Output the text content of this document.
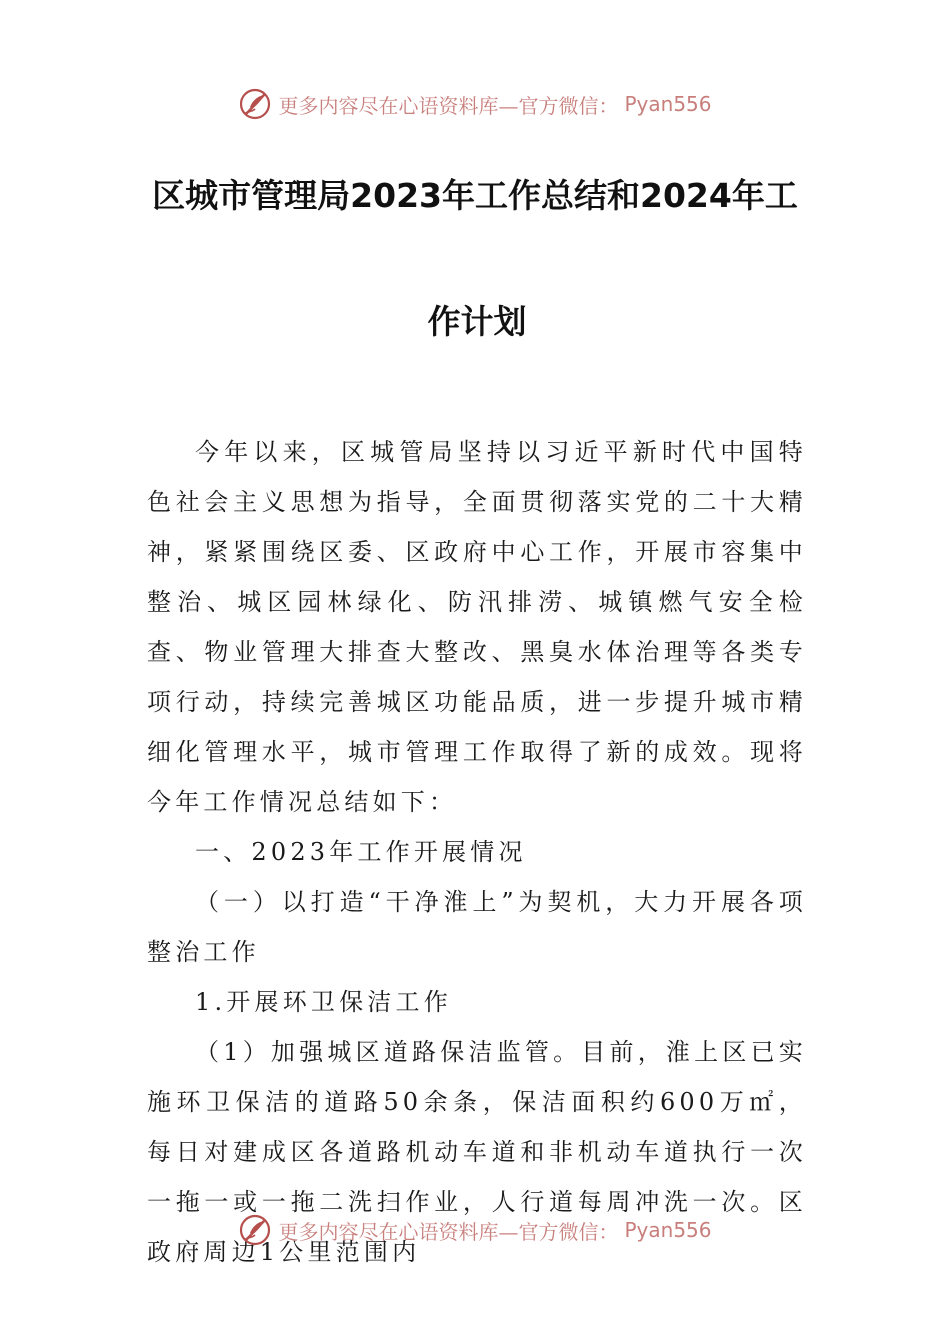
更多内容尽在心语资料库—官方微信： Pyan556
区城市管理局2023年工作总结和2024年工
作计划

今年以来，区城管局坚持以习近平新时代中国特色社会主义思想为指导，全面贯彻落实党的二十大精神，紧紧围绕区委、区政府中心工作，开展市容集中整治、城区园林绿化、防汛排涝、城镇燃气安全检查、物业管理大排查大整改、黑臭水体治理等各类专项行动，持续完善城区功能品质，进一步提升城市精细化管理水平，城市管理工作取得了新的成效。现将今年工作情况总结如下：

一、2023年工作开展情况

（一）以打造“干净淮上”为契机，大力开展各项整治工作

1.开展环卫保洁工作

（1）加强城区道路保洁监管。目前，淮上区已实施环卫保洁的道路50余条，保洁面积约600万㎡，每日对建成区各道路机动车道和非机动车道执行一次一拖一或一拖二洗扫作业，人行道每周冲洗一次。区政府周边1公里范围内

更多内容尽在心语资料库—官方微信： Pyan556
